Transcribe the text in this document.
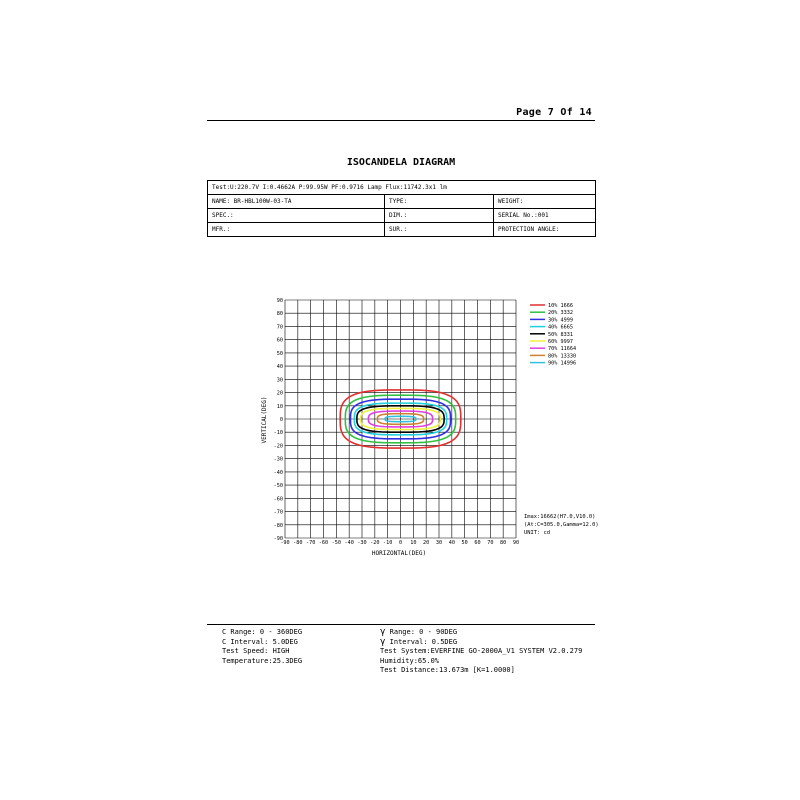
Page 7 Of 14
ISOCANDELA DIAGRAM
Test:U:220.7V I:0.4662A P:99.95W PF:0.9716 Lamp Flux:11742.3x1 lm		
NAME: BR-HBL100W-03-TA	TYPE:	WEIGHT:
SPEC.:	DIM.:	SERIAL No.:001
MFR.:	SUR.:	PROTECTION ANGLE:
-90 -80 -70 -60 -50 -40 -30 -20 -10 0 10 20 30 40 50 60 70 80 90
90
80
70
60
50
40
30
20
10
0
-10
-20
-30
-40
-50
-60
-70
-80
-90
HORIZONTAL(DEG)
VERTICAL(DEG)
10% 1666
20% 3332
30% 4999
40% 6665
50% 8331
60% 9997
70% 11664
80% 13330
90% 14996
Imax:16662(H7.0,V10.0)
(At:C=305.0,Gamma=12.0)
UNIT: cd
C Range: 0 - 360DEG
C Interval: 5.0DEG
Test Speed: HIGH
Temperature:25.3DEG
γ Range: 0 - 90DEG
γ Interval: 0.5DEG
Test System:EVERFINE GO-2000A_V1 SYSTEM V2.0.279
Humidity:65.0%
Test Distance:13.673m [K=1.0000]
